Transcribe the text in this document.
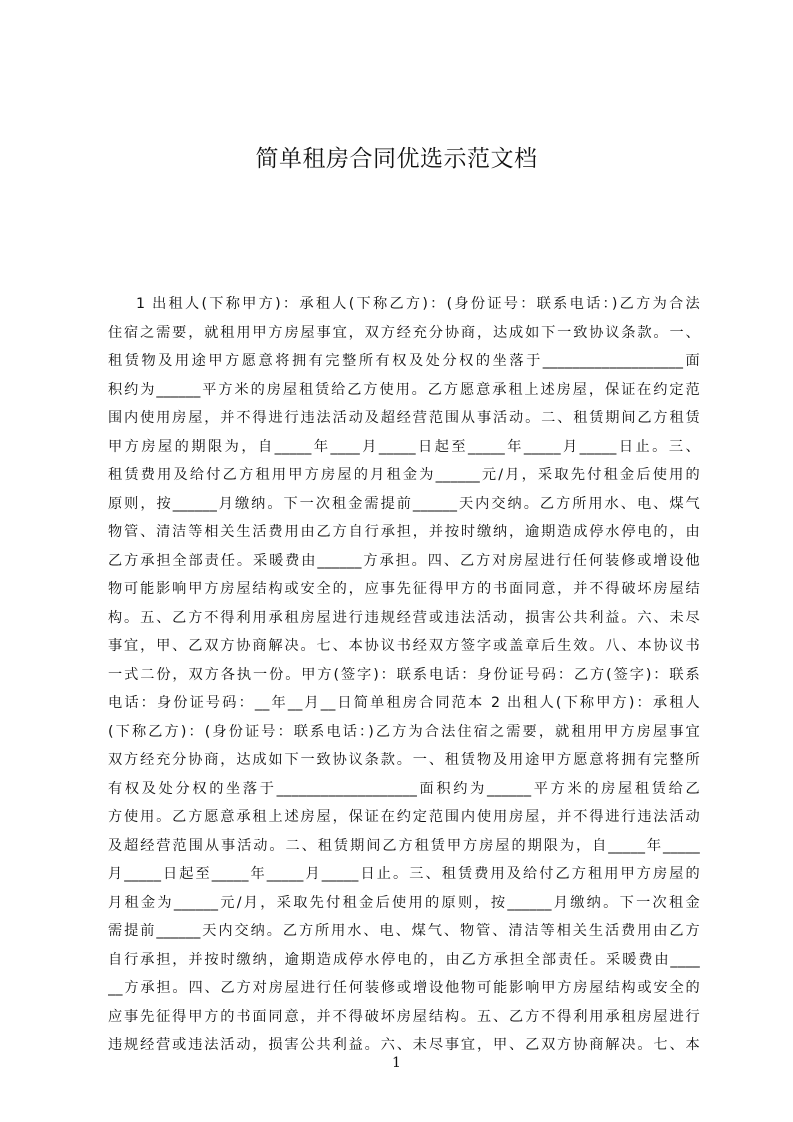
简单租房合同优选示范文档
1 出租人(下称甲方)：承租人(下称乙方)：(身份证号：联系电话：)乙方为合法
住宿之需要，就租用甲方房屋事宜，双方经充分协商，达成如下一致协议条款。一、
租赁物及用途甲方愿意将拥有完整所有权及处分权的坐落于___________________面
积约为______平方米的房屋租赁给乙方使用。乙方愿意承租上述房屋，保证在约定范
围内使用房屋，并不得进行违法活动及超经营范围从事活动。二、租赁期间乙方租赁
甲方房屋的期限为，自_____年____月_____日起至_____年_____月_____日止。三、
租赁费用及给付乙方租用甲方房屋的月租金为______元/月，采取先付租金后使用的
原则，按______月缴纳。下一次租金需提前______天内交纳。乙方所用水、电、煤气
物管、清洁等相关生活费用由乙方自行承担，并按时缴纳，逾期造成停水停电的，由
乙方承担全部责任。采暖费由______方承担。四、乙方对房屋进行任何装修或增设他
物可能影响甲方房屋结构或安全的，应事先征得甲方的书面同意，并不得破坏房屋结
构。五、乙方不得利用承租房屋进行违规经营或违法活动，损害公共利益。六、未尽
事宜，甲、乙双方协商解决。七、本协议书经双方签字或盖章后生效。八、本协议书
一式二份，双方各执一份。甲方(签字)：联系电话：身份证号码：乙方(签字)：联系
电话：身份证号码：__年__月__日简单租房合同范本 2 出租人(下称甲方)：承租人
(下称乙方)：(身份证号：联系电话：)乙方为合法住宿之需要，就租用甲方房屋事宜
双方经充分协商，达成如下一致协议条款。一、租赁物及用途甲方愿意将拥有完整所
有权及处分权的坐落于___________________面积约为______平方米的房屋租赁给乙
方使用。乙方愿意承租上述房屋，保证在约定范围内使用房屋，并不得进行违法活动
及超经营范围从事活动。二、租赁期间乙方租赁甲方房屋的期限为，自_____年_____
月_____日起至_____年_____月_____日止。三、租赁费用及给付乙方租用甲方房屋的
月租金为______元/月，采取先付租金后使用的原则，按______月缴纳。下一次租金
需提前______天内交纳。乙方所用水、电、煤气、物管、清洁等相关生活费用由乙方
自行承担，并按时缴纳，逾期造成停水停电的，由乙方承担全部责任。采暖费由____
__方承担。四、乙方对房屋进行任何装修或增设他物可能影响甲方房屋结构或安全的
应事先征得甲方的书面同意，并不得破坏房屋结构。五、乙方不得利用承租房屋进行
违规经营或违法活动，损害公共利益。六、未尽事宜，甲、乙双方协商解决。七、本
1
